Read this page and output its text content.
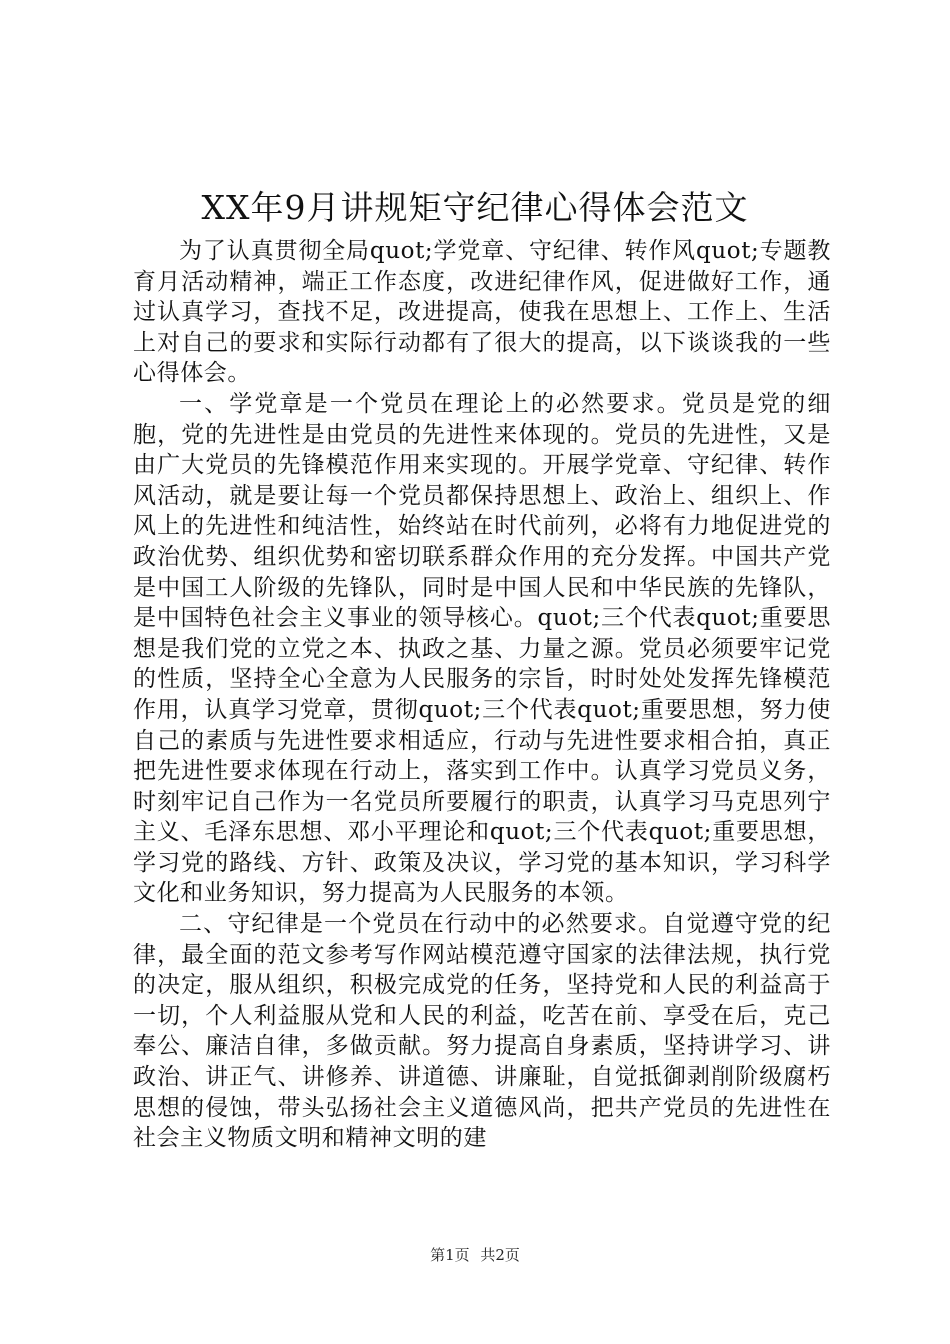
XX年9月讲规矩守纪律心得体会范文

为了认真贯彻全局quot;学党章、守纪律、转作风quot;专题教育月活动精神，端正工作态度，改进纪律作风，促进做好工作，通过认真学习，查找不足，改进提高，使我在思想上、工作上、生活上对自己的要求和实际行动都有了很大的提高，以下谈谈我的一些心得体会。

一、学党章是一个党员在理论上的必然要求。党员是党的细胞，党的先进性是由党员的先进性来体现的。党员的先进性，又是由广大党员的先锋模范作用来实现的。开展学党章、守纪律、转作风活动，就是要让每一个党员都保持思想上、政治上、组织上、作风上的先进性和纯洁性，始终站在时代前列，必将有力地促进党的政治优势、组织优势和密切联系群众作用的充分发挥。中国共产党是中国工人阶级的先锋队，同时是中国人民和中华民族的先锋队，是中国特色社会主义事业的领导核心。quot;三个代表quot;重要思想是我们党的立党之本、执政之基、力量之源。党员必须要牢记党的性质，坚持全心全意为人民服务的宗旨，时时处处发挥先锋模范作用，认真学习党章，贯彻quot;三个代表quot;重要思想，努力使自己的素质与先进性要求相适应，行动与先进性要求相合拍，真正把先进性要求体现在行动上，落实到工作中。认真学习党员义务，时刻牢记自己作为一名党员所要履行的职责，认真学习马克思列宁主义、毛泽东思想、邓小平理论和quot;三个代表quot;重要思想，学习党的路线、方针、政策及决议，学习党的基本知识，学习科学文化和业务知识，努力提高为人民服务的本领。

二、守纪律是一个党员在行动中的必然要求。自觉遵守党的纪律，最全面的范文参考写作网站模范遵守国家的法律法规，执行党的决定，服从组织，积极完成党的任务，坚持党和人民的利益高于一切，个人利益服从党和人民的利益，吃苦在前、享受在后，克己奉公、廉洁自律，多做贡献。努力提高自身素质，坚持讲学习、讲政治、讲正气、讲修养、讲道德、讲廉耻，自觉抵御剥削阶级腐朽思想的侵蚀，带头弘扬社会主义道德风尚，把共产党员的先进性在社会主义物质文明和精神文明的建

第1页 共2页
